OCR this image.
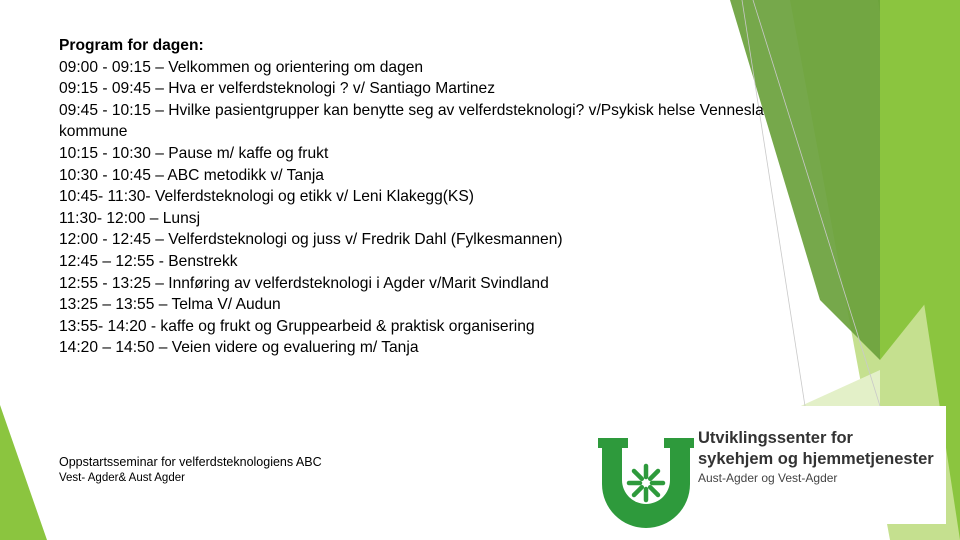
Program for dagen:
09:00 - 09:15 – Velkommen og orientering om dagen
09:15 - 09:45 – Hva er velferdsteknologi ? v/ Santiago Martinez
09:45 - 10:15 – Hvilke pasientgrupper kan benytte seg av velferdsteknologi? v/Psykisk helse Vennesla
kommune
10:15 - 10:30 – Pause m/ kaffe og frukt
10:30 - 10:45 – ABC metodikk v/ Tanja
10:45- 11:30- Velferdsteknologi og etikk v/ Leni Klakegg(KS)
11:30- 12:00 – Lunsj
12:00 - 12:45 – Velferdsteknologi og juss v/ Fredrik Dahl (Fylkesmannen)
12:45 – 12:55 - Benstrekk
12:55 - 13:25 – Innføring av velferdsteknologi i Agder v/Marit Svindland
13:25 – 13:55 – Telma V/ Audun
13:55- 14:20 - kaffe og frukt og Gruppearbeid & praktisk organisering
14:20 – 14:50 – Veien videre og evaluering m/ Tanja
Oppstartsseminar for velferdsteknologiens ABC
Vest- Agder& Aust Agder
Utviklingssenter for
sykehjem og hjemmetjenester
Aust-Agder og Vest-Agder
